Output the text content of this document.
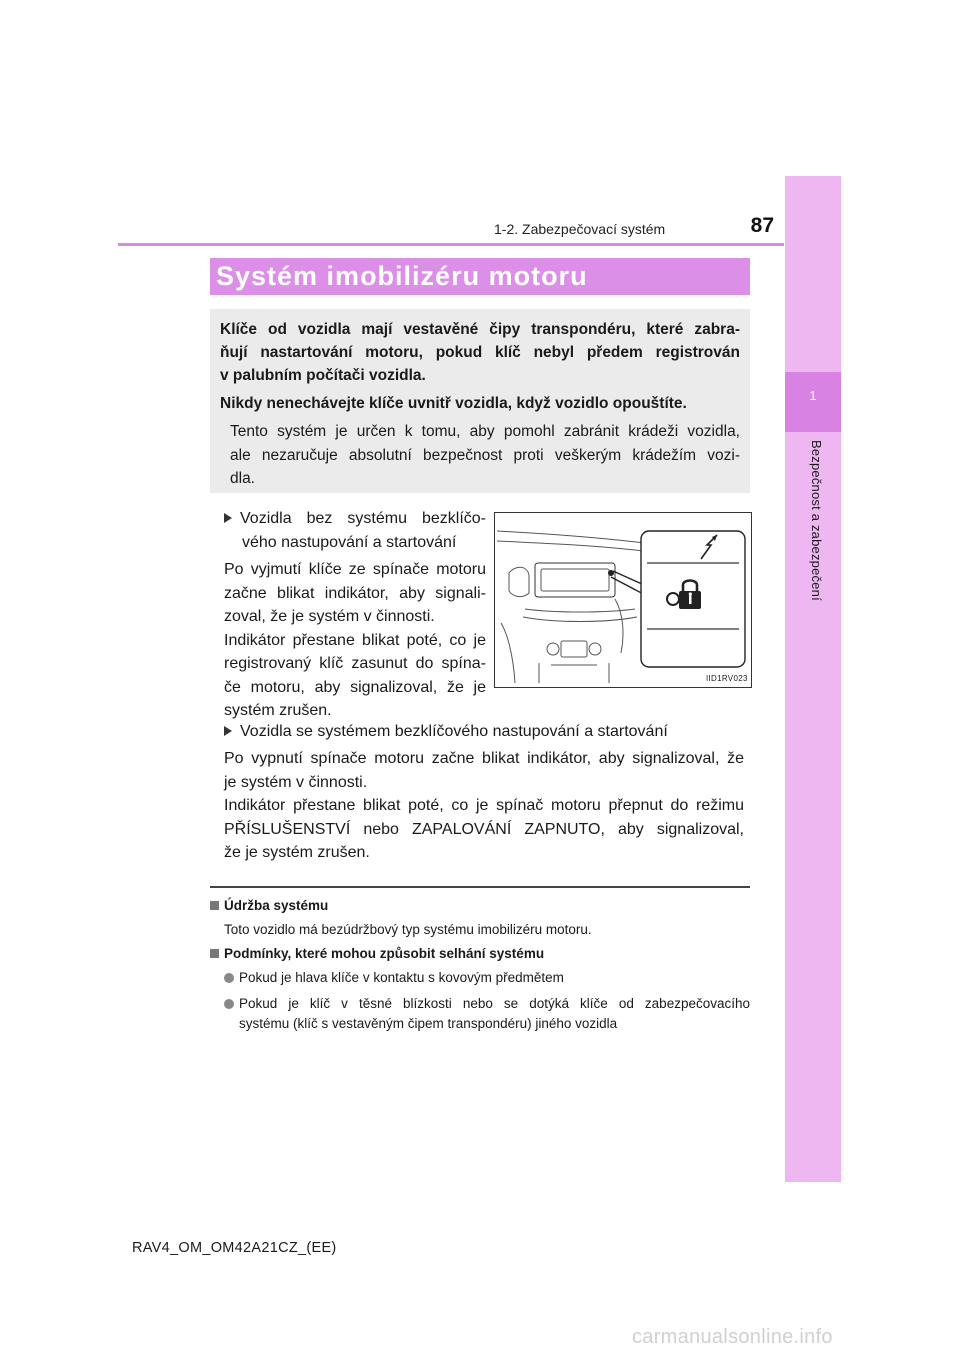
1
Bezpečnost a zabezpečení
1-2. Zabezpečovací systém	87
Systém imobilizéru motoru
Klíče od vozidla mají vestavěné čipy transpondéru, které zabra-
ňují nastartování motoru, pokud klíč nebyl předem registrován
v palubním počítači vozidla.
Nikdy nenechávejte klíče uvnitř vozidla, když vozidlo opouštíte.
Tento systém je určen k tomu, aby pomohl zabránit krádeži vozidla,
ale nezaručuje absolutní bezpečnost proti veškerým krádežím vozi-
dla.
Vozidla bez systému bezklíčo-
vého nastupování a startování
Po vyjmutí klíče ze spínače motoru
začne blikat indikátor, aby signali-
zoval, že je systém v činnosti.
Indikátor přestane blikat poté, co je
registrovaný klíč zasunut do spína-
če motoru, aby signalizoval, že je
systém zrušen.
IID1RV023
Vozidla se systémem bezklíčového nastupování a startování
Po vypnutí spínače motoru začne blikat indikátor, aby signalizoval, že
je systém v činnosti.
Indikátor přestane blikat poté, co je spínač motoru přepnut do režimu
PŘÍSLUŠENSTVÍ nebo ZAPALOVÁNÍ ZAPNUTO, aby signalizoval,
že je systém zrušen.
Údržba systému
Toto vozidlo má bezúdržbový typ systému imobilizéru motoru.
Podmínky, které mohou způsobit selhání systému
Pokud je hlava klíče v kontaktu s kovovým předmětem
Pokud je klíč v těsné blízkosti nebo se dotýká klíče od zabezpečovacího
systému (klíč s vestavěným čipem transpondéru) jiného vozidla
RAV4_OM_OM42A21CZ_(EE)
carmanualsonline.info
